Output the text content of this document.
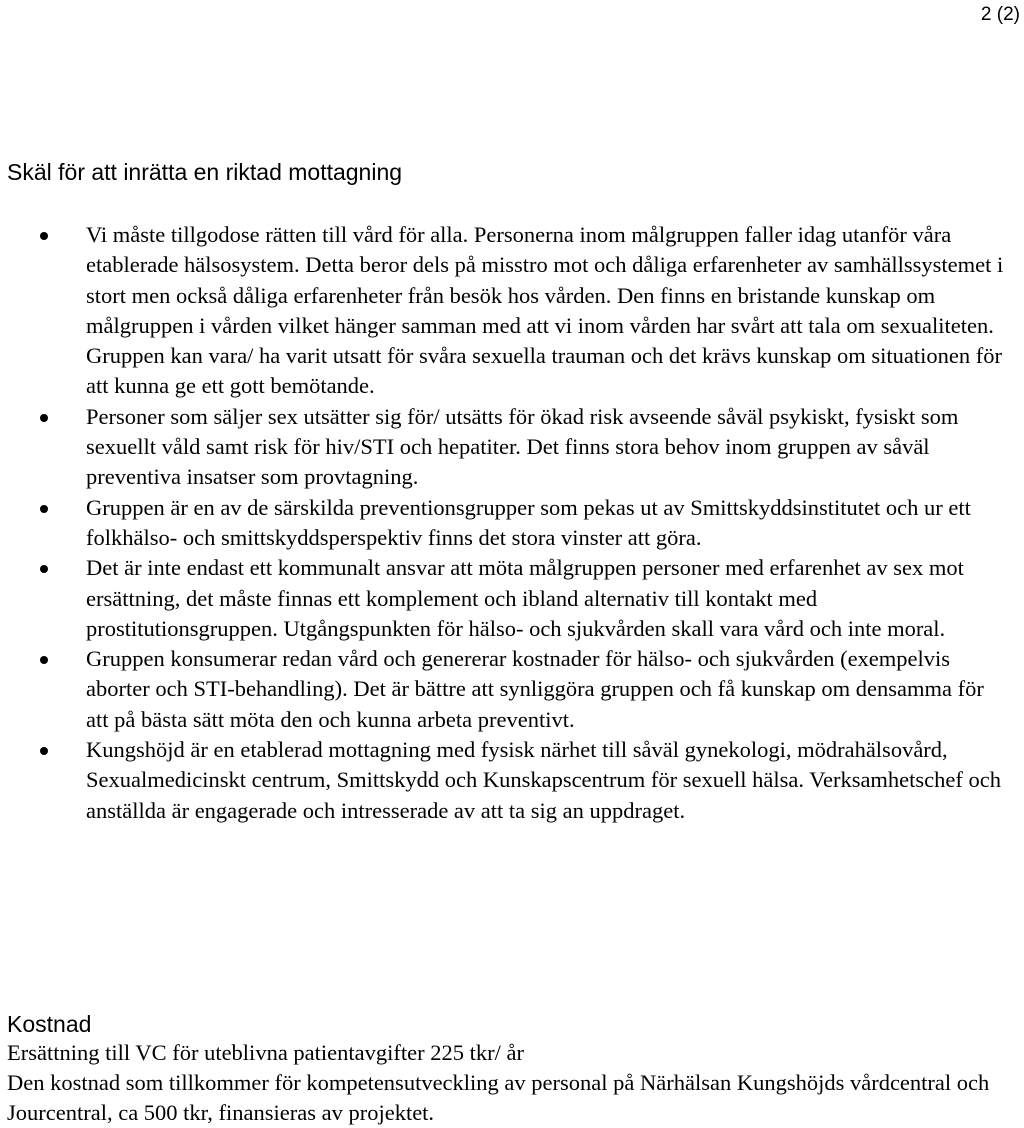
2 (2)
Skäl för att inrätta en riktad mottagning
Vi måste tillgodose rätten till vård för alla. Personerna inom målgruppen faller idag utanför våra etablerade hälsosystem. Detta beror dels på misstro mot och dåliga erfarenheter av samhällssystemet i stort men också dåliga erfarenheter från besök hos vården. Den finns en bristande kunskap om målgruppen i vården vilket hänger samman med att vi inom vården har svårt att tala om sexualiteten. Gruppen kan vara/ ha varit utsatt för svåra sexuella trauman och det krävs kunskap om situationen för att kunna ge ett gott bemötande.
Personer som säljer sex utsätter sig för/ utsätts för ökad risk avseende såväl psykiskt, fysiskt som sexuellt våld samt risk för hiv/STI och hepatiter. Det finns stora behov inom gruppen av såväl preventiva insatser som provtagning.
Gruppen är en av de särskilda preventionsgrupper som pekas ut av Smittskyddsinstitutet och ur ett folkhälso- och smittskyddsperspektiv finns det stora vinster att göra.
Det är inte endast ett kommunalt ansvar att möta målgruppen personer med erfarenhet av sex mot ersättning, det måste finnas ett komplement och ibland alternativ till kontakt med prostitutionsgruppen. Utgångspunkten för hälso- och sjukvården skall vara vård och inte moral.
Gruppen konsumerar redan vård och genererar kostnader för hälso- och sjukvården (exempelvis aborter och STI-behandling). Det är bättre att synliggöra gruppen och få kunskap om densamma för att på bästa sätt möta den och kunna arbeta preventivt.
Kungshöjd är en etablerad mottagning med fysisk närhet till såväl gynekologi, mödrahälsovård, Sexualmedicinskt centrum, Smittskydd och Kunskapscentrum för sexuell hälsa. Verksamhetschef och anställda är engagerade och intresserade av att ta sig an uppdraget.
Kostnad

Ersättning till VC för uteblivna patientavgifter 225 tkr/ år

Den kostnad som tillkommer för kompetensutveckling av personal på Närhälsan Kungshöjds vårdcentral och Jourcentral, ca 500 tkr, finansieras av projektet.
